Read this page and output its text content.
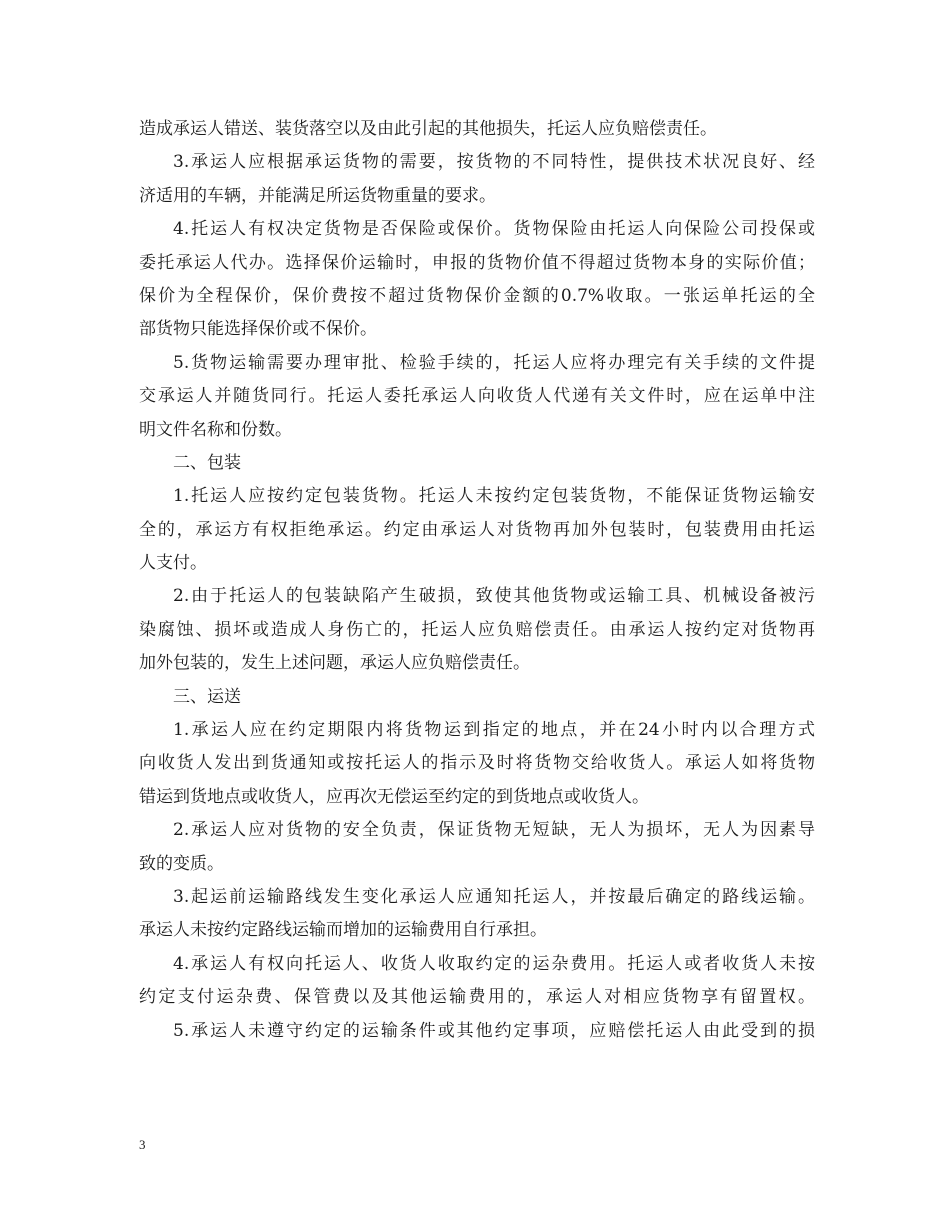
造成承运人错送、装货落空以及由此引起的其他损失，托运人应负赔偿责任。
3.承运人应根据承运货物的需要，按货物的不同特性，提供技术状况良好、经
济适用的车辆，并能满足所运货物重量的要求。
4.托运人有权决定货物是否保险或保价。货物保险由托运人向保险公司投保或
委托承运人代办。选择保价运输时，申报的货物价值不得超过货物本身的实际价值；
保价为全程保价，保价费按不超过货物保价金额的0.7%收取。一张运单托运的全
部货物只能选择保价或不保价。
5.货物运输需要办理审批、检验手续的，托运人应将办理完有关手续的文件提
交承运人并随货同行。托运人委托承运人向收货人代递有关文件时，应在运单中注
明文件名称和份数。
二、包装
1.托运人应按约定包装货物。托运人未按约定包装货物，不能保证货物运输安
全的，承运方有权拒绝承运。约定由承运人对货物再加外包装时，包装费用由托运
人支付。
2.由于托运人的包装缺陷产生破损，致使其他货物或运输工具、机械设备被污
染腐蚀、损坏或造成人身伤亡的，托运人应负赔偿责任。由承运人按约定对货物再
加外包装的，发生上述问题，承运人应负赔偿责任。
三、运送
1.承运人应在约定期限内将货物运到指定的地点，并在24小时内以合理方式
向收货人发出到货通知或按托运人的指示及时将货物交给收货人。承运人如将货物
错运到货地点或收货人，应再次无偿运至约定的到货地点或收货人。
2.承运人应对货物的安全负责，保证货物无短缺，无人为损坏，无人为因素导
致的变质。
3.起运前运输路线发生变化承运人应通知托运人，并按最后确定的路线运输。
承运人未按约定路线运输而增加的运输费用自行承担。
4.承运人有权向托运人、收货人收取约定的运杂费用。托运人或者收货人未按
约定支付运杂费、保管费以及其他运输费用的，承运人对相应货物享有留置权。
5.承运人未遵守约定的运输条件或其他约定事项，应赔偿托运人由此受到的损
3
